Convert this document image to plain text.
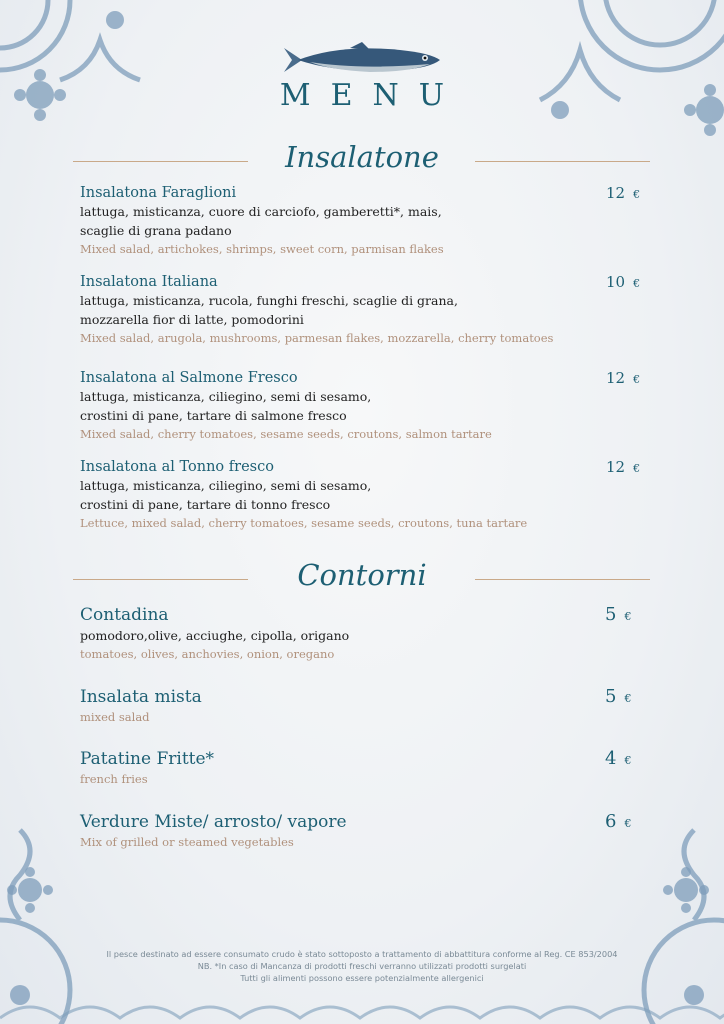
MENU
Insalatone
Insalatona Faraglioni
lattuga, misticanza, cuore di carciofo, gamberetti*, mais,
scaglie di grana padano
Mixed salad, artichokes, shrimps, sweet corn, parmisan flakes
12 €
Insalatona Italiana
lattuga, misticanza, rucola, funghi freschi, scaglie di grana,
mozzarella fior di latte, pomodorini
Mixed salad, arugola, mushrooms, parmesan flakes, mozzarella, cherry tomatoes
10 €
Insalatona al Salmone Fresco
lattuga, misticanza, ciliegino, semi di sesamo,
crostini di pane, tartare di salmone fresco
Mixed salad, cherry tomatoes, sesame seeds, croutons, salmon tartare
12 €
Insalatona al Tonno fresco
lattuga, misticanza, ciliegino, semi di sesamo,
crostini di pane, tartare di tonno fresco
Lettuce, mixed salad, cherry tomatoes, sesame seeds, croutons, tuna tartare
12 €
Contorni
Contadina
pomodoro,olive, acciughe, cipolla, origano
tomatoes, olives, anchovies, onion, oregano
5 €
Insalata mista
mixed salad
5 €
Patatine Fritte*
french fries
4 €
Verdure Miste/ arrosto/ vapore
Mix of grilled or steamed vegetables
6 €
Il pesce destinato ad essere consumato crudo è stato sottoposto a trattamento di abbattitura conforme al Reg. CE 853/2004
NB. *In caso di Mancanza di prodotti freschi verranno utilizzati prodotti surgelati
Tutti gli alimenti possono essere potenzialmente allergenici
